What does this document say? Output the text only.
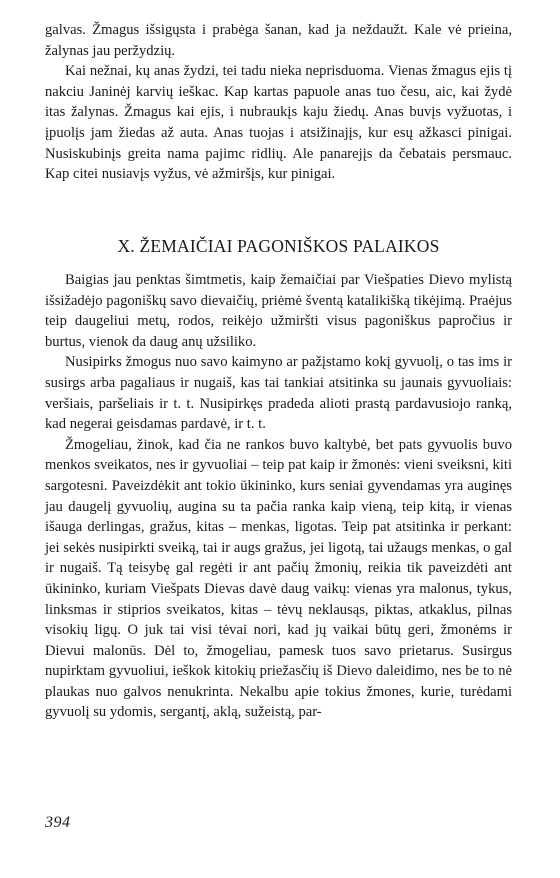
galvas. Žmagus išsigųsta i prabėga šanan, kad ja neždaužt. Kale vė prieina, žalynas jau peržydzių.

Kai nežnai, kų anas žydzi, tei tadu nieka neprisduoma. Vienas žmagus ejis tį nakciu Janinėj karvių ieškac. Kap kartas papuole anas tuo česu, aic, kai žydė itas žalynas. Žmagus kai ejis, i nubraukįs kaju žiedų. Anas buvįs vyžuotas, i įpuolįs jam žiedas až auta. Anas tuojas i atsižinajįs, kur esų ažkasci pinigai. Nusiskubinįs greita nama pajimc ridlių. Ale panarejįs da čebatais persmauc. Kap citei nusiavįs vyžus, vė ažmiršįs, kur pinigai.

X. ŽEMAIČIAI PAGONIŠKOS PALAIKOS

Baigias jau penktas šimtmetis, kaip žemaičiai par Viešpaties Dievo mylistą išsižadėjo pagoniškų savo dievaičių, priėmė šventą katalikišką tikėjimą. Praėjus teip daugeliui metų, rodos, reikėjo užmiršti visus pagoniškus papročius ir burtus, vienok da daug anų užsiliko.

Nusipirks žmogus nuo savo kaimyno ar pažįstamo kokį gyvuolį, o tas ims ir susirgs arba pagaliaus ir nugaiš, kas tai tankiai atsitinka su jaunais gyvuoliais: veršiais, paršeliais ir t. t. Nusipirkęs pradeda alioti prastą pardavusiojo ranką, kad negerai geisdamas pardavė, ir t. t.

Žmogeliau, žinok, kad čia ne rankos buvo kaltybė, bet pats gyvuolis buvo menkos sveikatos, nes ir gyvuoliai – teip pat kaip ir žmonės: vieni sveiksni, kiti sargotesni. Paveizdėkit ant tokio ūkininko, kurs seniai gyvendamas yra auginęs jau daugelį gyvuolių, augina su ta pačia ranka kaip vieną, teip kitą, ir vienas išauga derlingas, gražus, kitas – menkas, ligotas. Teip pat atsitinka ir perkant: jei sekės nusipirkti sveiką, tai ir augs gražus, jei ligotą, tai užaugs menkas, o gal ir nugaiš. Tą teisybę gal regėti ir ant pačių žmonių, reikia tik paveizdėti ant ūkininko, kuriam Viešpats Dievas davė daug vaikų: vienas yra malonus, tykus, linksmas ir stiprios sveikatos, kitas – tėvų neklausąs, piktas, atkaklus, pilnas visokių ligų. O juk tai visi tėvai nori, kad jų vaikai būtų geri, žmonėms ir Dievui malonūs. Dėl to, žmogeliau, pamesk tuos savo prietarus. Susirgus nupirktam gyvuoliui, ieškok kitokių priežasčių iš Dievo daleidimo, nes be to nė plaukas nuo galvos nenukrinta. Nekalbu apie tokius žmones, kurie, turėdami gyvuolį su ydomis, sergantį, aklą, sužeistą, par-

394
